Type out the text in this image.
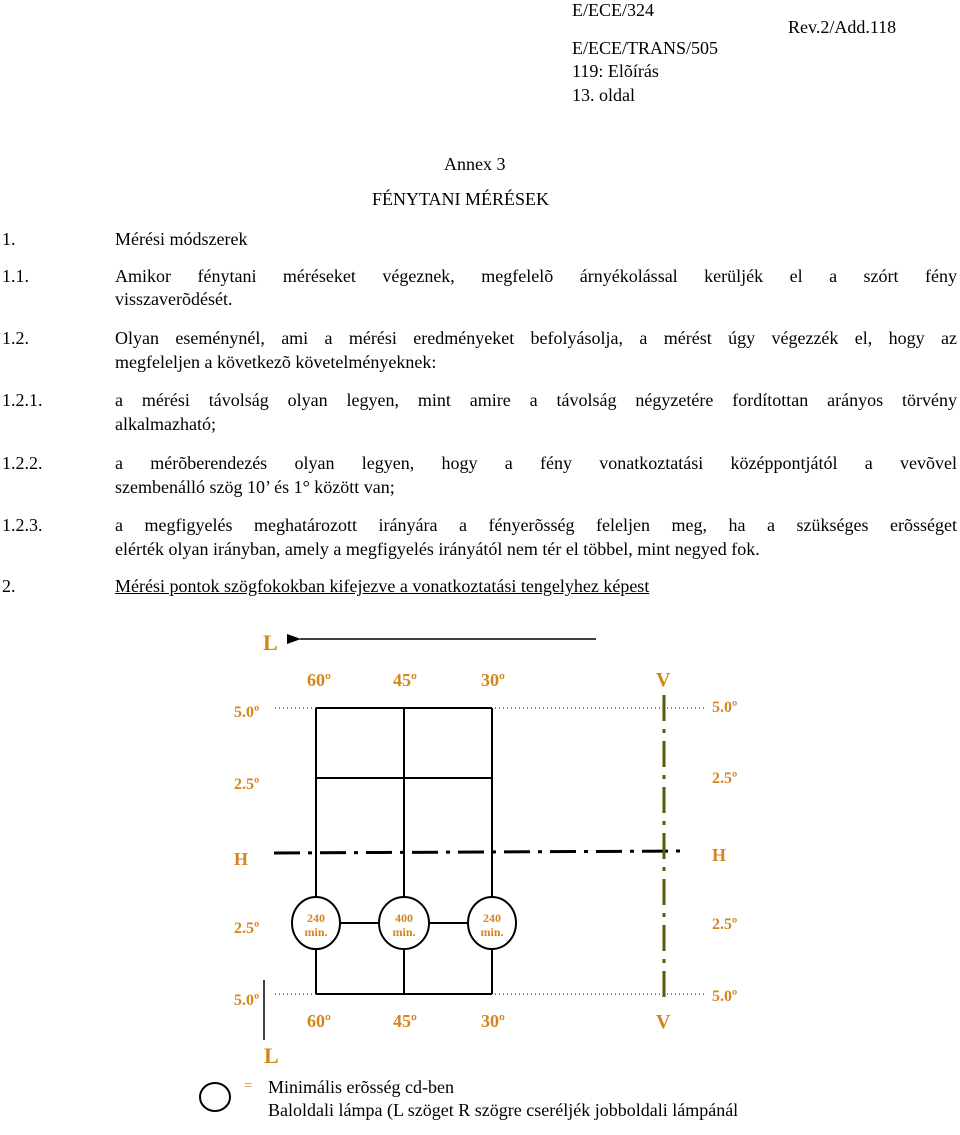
E/ECE/324
Rev.2/Add.118
E/ECE/TRANS/505
119: Elõírás
13. oldal
Annex 3
FÉNYTANI MÉRÉSEK
1.	Mérési módszerek
1.1.	Amikor fénytani méréseket végeznek, megfelelõ árnyékolással kerüljék el a szórt fény
visszaverõdését.
1.2.	Olyan eseménynél, ami a mérési eredményeket befolyásolja, a mérést úgy végezzék el, hogy az
megfeleljen a következõ követelményeknek:
1.2.1.	a mérési távolság olyan legyen, mint amire a távolság négyzetére fordítottan arányos törvény
alkalmazható;
1.2.2.	a mérõberendezés olyan legyen, hogy a fény vonatkoztatási középpontjától a vevõvel
szembenálló szög 10’ és 1° között van;
1.2.3.	a megfigyelés meghatározott irányára a fényerõsség feleljen meg, ha a szükséges erõsséget
elérték olyan irányban, amely a megfigyelés irányától nem tér el többel, mint negyed fok.
2.	Mérési pontok szögfokokban kifejezve a vonatkoztatási tengelyhez képest
L
60º	45º	30º	V
5.0º
2.5º
H
2.5º
5.0º
5.0º
2.5º
H
2.5º
5.0º
240
min.
400
min.
240
min.
60º	45º	30º	V
L
= Minimális erõsség cd-ben
Baloldali lámpa (L szöget R szögre cseréljék jobboldali lámpánál
